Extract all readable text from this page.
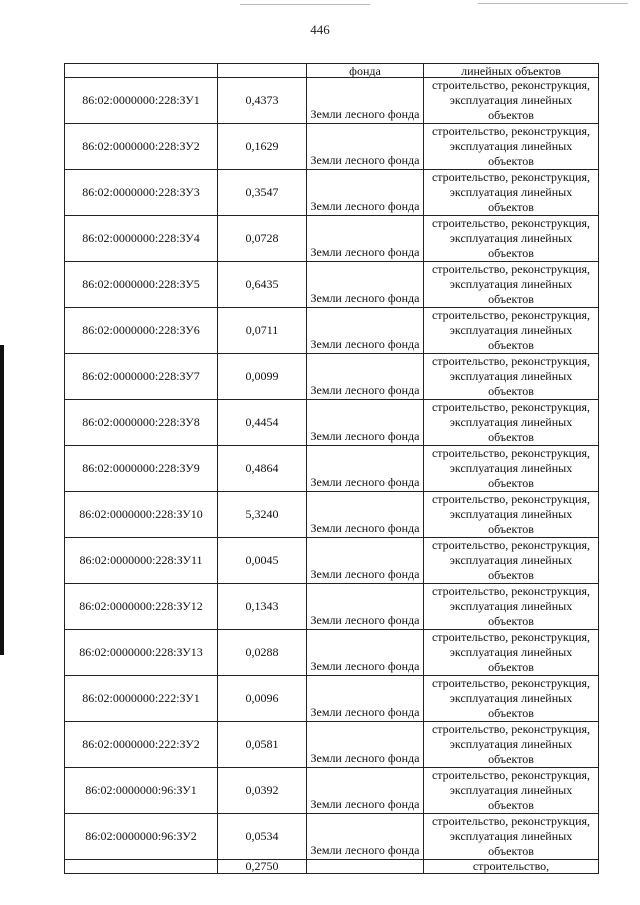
446
		фонда	линейных объектов
86:02:0000000:228:ЗУ1	0,4373	Земли лесного фонда	строительство, реконструкция, эксплуатация линейных объектов
86:02:0000000:228:ЗУ2	0,1629	Земли лесного фонда	строительство, реконструкция, эксплуатация линейных объектов
86:02:0000000:228:ЗУ3	0,3547	Земли лесного фонда	строительство, реконструкция, эксплуатация линейных объектов
86:02:0000000:228:ЗУ4	0,0728	Земли лесного фонда	строительство, реконструкция, эксплуатация линейных объектов
86:02:0000000:228:ЗУ5	0,6435	Земли лесного фонда	строительство, реконструкция, эксплуатация линейных объектов
86:02:0000000:228:ЗУ6	0,0711	Земли лесного фонда	строительство, реконструкция, эксплуатация линейных объектов
86:02:0000000:228:ЗУ7	0,0099	Земли лесного фонда	строительство, реконструкция, эксплуатация линейных объектов
86:02:0000000:228:ЗУ8	0,4454	Земли лесного фонда	строительство, реконструкция, эксплуатация линейных объектов
86:02:0000000:228:ЗУ9	0,4864	Земли лесного фонда	строительство, реконструкция, эксплуатация линейных объектов
86:02:0000000:228:ЗУ10	5,3240	Земли лесного фонда	строительство, реконструкция, эксплуатация линейных объектов
86:02:0000000:228:ЗУ11	0,0045	Земли лесного фонда	строительство, реконструкция, эксплуатация линейных объектов
86:02:0000000:228:ЗУ12	0,1343	Земли лесного фонда	строительство, реконструкция, эксплуатация линейных объектов
86:02:0000000:228:ЗУ13	0,0288	Земли лесного фонда	строительство, реконструкция, эксплуатация линейных объектов
86:02:0000000:222:ЗУ1	0,0096	Земли лесного фонда	строительство, реконструкция, эксплуатация линейных объектов
86:02:0000000:222:ЗУ2	0,0581	Земли лесного фонда	строительство, реконструкция, эксплуатация линейных объектов
86:02:0000000:96:ЗУ1	0,0392	Земли лесного фонда	строительство, реконструкция, эксплуатация линейных объектов
86:02:0000000:96:ЗУ2	0,0534	Земли лесного фонда	строительство, реконструкция, эксплуатация линейных объектов
	0,2750		строительство,
